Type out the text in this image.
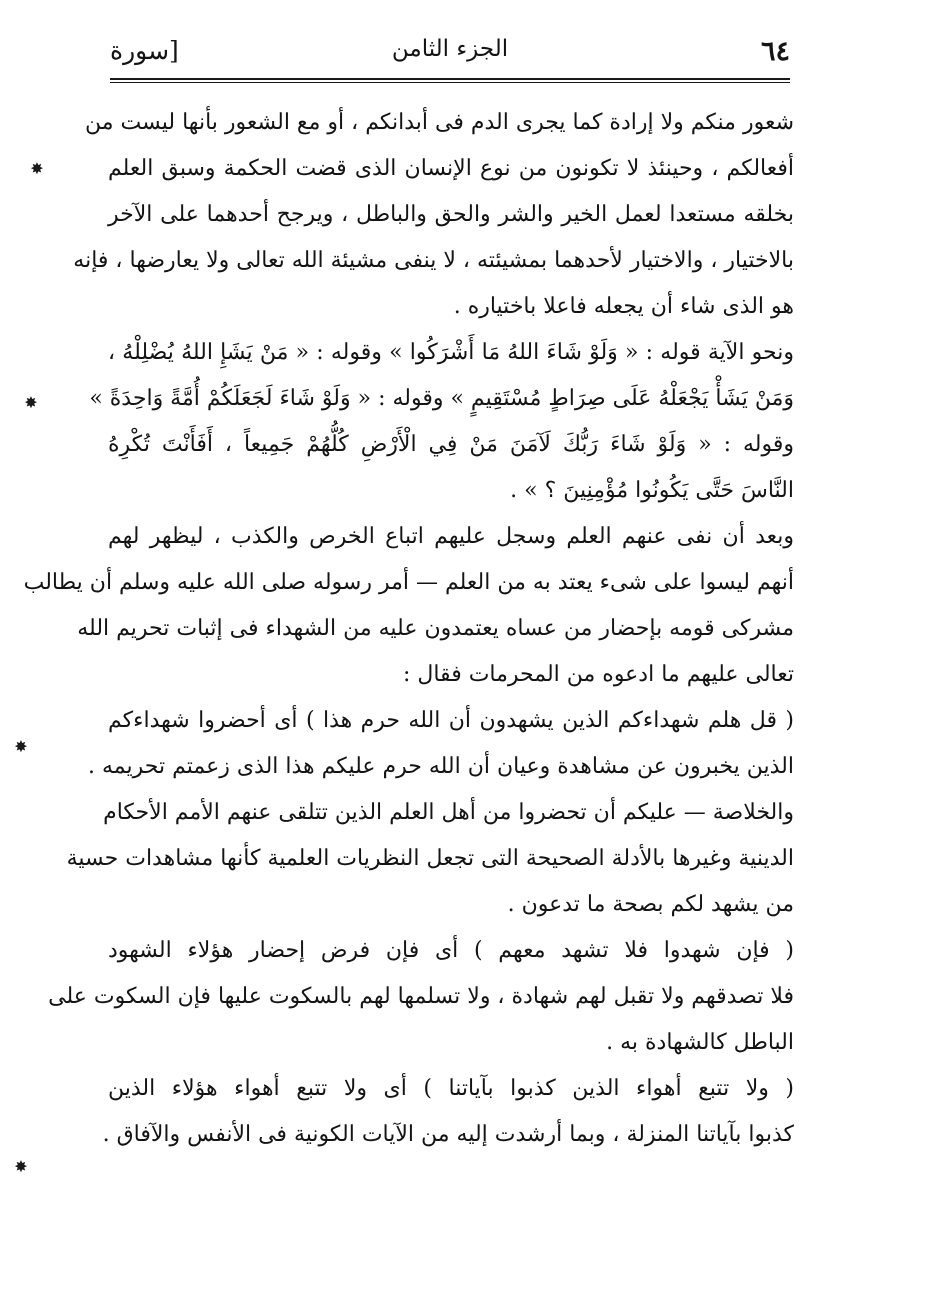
٦٤
الجزء الثامن
[سورة
شعور منكم ولا إرادة كما يجرى الدم فى أبدانكم ، أو مع الشعور بأنها ليست من
أفعالكم ، وحينئذ لا تكونون من نوع الإنسان الذى قضت الحكمة وسبق العلم
بخلقه مستعدا لعمل الخير والشر والحق والباطل ، ويرجح أحدهما على الآخر
بالاختيار ، والاختيار لأحدهما بمشيئته ، لا ينفى مشيئة الله تعالى ولا يعارضها ، فإنه
هو الذى شاء أن يجعله فاعلا باختياره .
ونحو الآية قوله : « وَلَوْ شَاءَ اللهُ مَا أَشْرَكُوا » وقوله : « مَنْ يَشَإِ اللهُ يُضْلِلْهُ ،
وَمَنْ يَشَأْ يَجْعَلْهُ عَلَى صِرَاطٍ مُسْتَقِيمٍ » وقوله : « وَلَوْ شَاءَ لَجَعَلَكُمْ أُمَّةً وَاحِدَةً »
وقوله : « وَلَوْ شَاءَ رَبُّكَ لَآمَنَ مَنْ فِي الْأَرْضِ كُلُّهُمْ جَمِيعاً ، أَفَأَنْتَ تُكْرِهُ
النَّاسَ حَتَّى يَكُونُوا مُؤْمِنِينَ ؟ » .
وبعد أن نفى عنهم العلم وسجل عليهم اتباع الخرص والكذب ، ليظهر لهم
أنهم ليسوا على شىء يعتد به من العلم — أمر رسوله صلى الله عليه وسلم أن يطالب
مشركى قومه بإحضار من عساه يعتمدون عليه من الشهداء فى إثبات تحريم الله
تعالى عليهم ما ادعوه من المحرمات فقال :
( قل هلم شهداءكم الذين يشهدون أن الله حرم هذا ) أى أحضروا شهداءكم
الذين يخبرون عن مشاهدة وعيان أن الله حرم عليكم هذا الذى زعمتم تحريمه .
والخلاصة — عليكم أن تحضروا من أهل العلم الذين تتلقى عنهم الأمم الأحكام
الدينية وغيرها بالأدلة الصحيحة التى تجعل النظريات العلمية كأنها مشاهدات حسية
من يشهد لكم بصحة ما تدعون .
( فإن شهدوا فلا تشهد معهم ) أى فإن فرض إحضار هؤلاء الشهود
فلا تصدقهم ولا تقبل لهم شهادة ، ولا تسلمها لهم بالسكوت عليها فإن السكوت على
الباطل كالشهادة به .
( ولا تتبع أهواء الذين كذبوا بآياتنا ) أى ولا تتبع أهواء هؤلاء الذين
كذبوا بآياتنا المنزلة ، وبما أرشدت إليه من الآيات الكونية فى الأنفس والآفاق .
✸
✸
✸
✸
